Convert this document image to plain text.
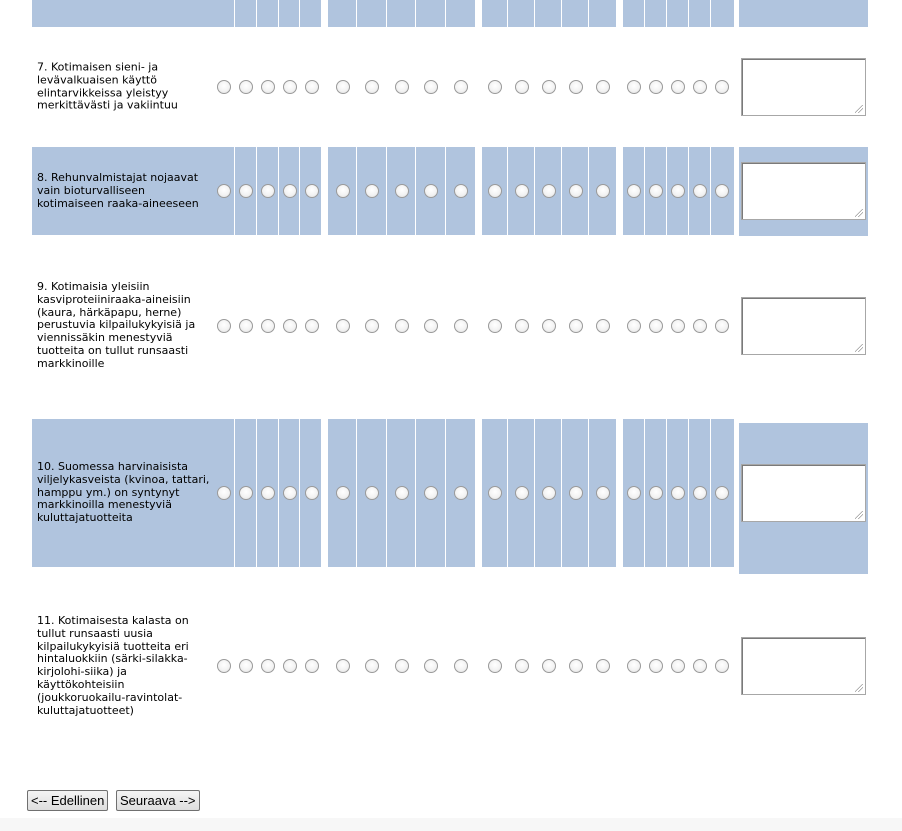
7. Kotimaisen sieni- ja levävalkuaisen käyttö elintarvikkeissa yleistyy merkittävästi ja vakiintuu
8. Rehunvalmistajat nojaavat vain bioturvalliseen kotimaiseen raaka-aineeseen
9. Kotimaisia yleisiin kasviproteiiniraaka-aineisiin (kaura, härkäpapu, herne) perustuvia kilpailukykyisiä ja viennissäkin menestyviä tuotteita on tullut runsaasti markkinoille
10. Suomessa harvinaisista viljelykasveista (kvinoa, tattari, hamppu ym.) on syntynyt markkinoilla menestyviä kuluttajatuotteita
11. Kotimaisesta kalasta on tullut runsaasti uusia kilpailukykyisiä tuotteita eri hintaluokkiin (särki-silakka-kirjolohi-siika) ja käyttökohteisiin (joukkoruokailu-ravintolat-kuluttajatuotteet)
<-- Edellinen	Seuraava -->
